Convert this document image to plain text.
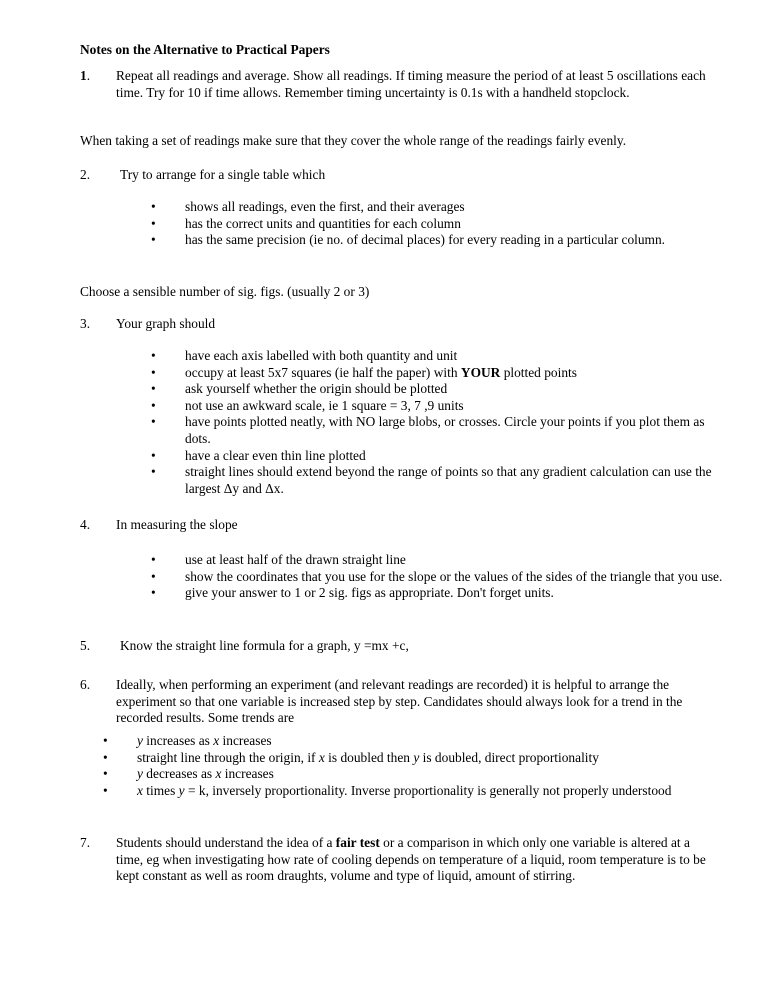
Notes on the Alternative to Practical Papers
1. Repeat all readings and average. Show all readings. If timing measure the period of at least 5 oscillations each time. Try for 10 if time allows. Remember timing uncertainty is 0.1s with a handheld stopclock.
When taking a set of readings make sure that they cover the whole range of the readings fairly evenly.
2. Try to arrange for a single table which
• shows all readings, even the first, and their averages
• has the correct units and quantities for each column
• has the same precision (ie no. of decimal places) for every reading in a particular column.
Choose a sensible number of sig. figs. (usually 2 or 3)
3. Your graph should
• have each axis labelled with both quantity and unit
• occupy at least 5x7 squares (ie half the paper) with YOUR plotted points
• ask yourself whether the origin should be plotted
• not use an awkward scale, ie 1 square = 3, 7 ,9 units
• have points plotted neatly, with NO large blobs, or crosses. Circle your points if you plot them as dots.
• have a clear even thin line plotted
• straight lines should extend beyond the range of points so that any gradient calculation can use the largest Δy and Δx.
4. In measuring the slope
• use at least half of the drawn straight line
• show the coordinates that you use for the slope or the values of the sides of the triangle that you use.
• give your answer to 1 or 2 sig. figs as appropriate. Don't forget units.
5. Know the straight line formula for a graph, y =mx +c,
6. Ideally, when performing an experiment (and relevant readings are recorded) it is helpful to arrange the experiment so that one variable is increased step by step. Candidates should always look for a trend in the recorded results. Some trends are
• y increases as x increases
• straight line through the origin, if x is doubled then y is doubled, direct proportionality
• y decreases as x increases
• x times y = k, inversely proportionality. Inverse proportionality is generally not properly understood
7. Students should understand the idea of a fair test or a comparison in which only one variable is altered at a time, eg when investigating how rate of cooling depends on temperature of a liquid, room temperature is to be kept constant as well as room draughts, volume and type of liquid, amount of stirring.
